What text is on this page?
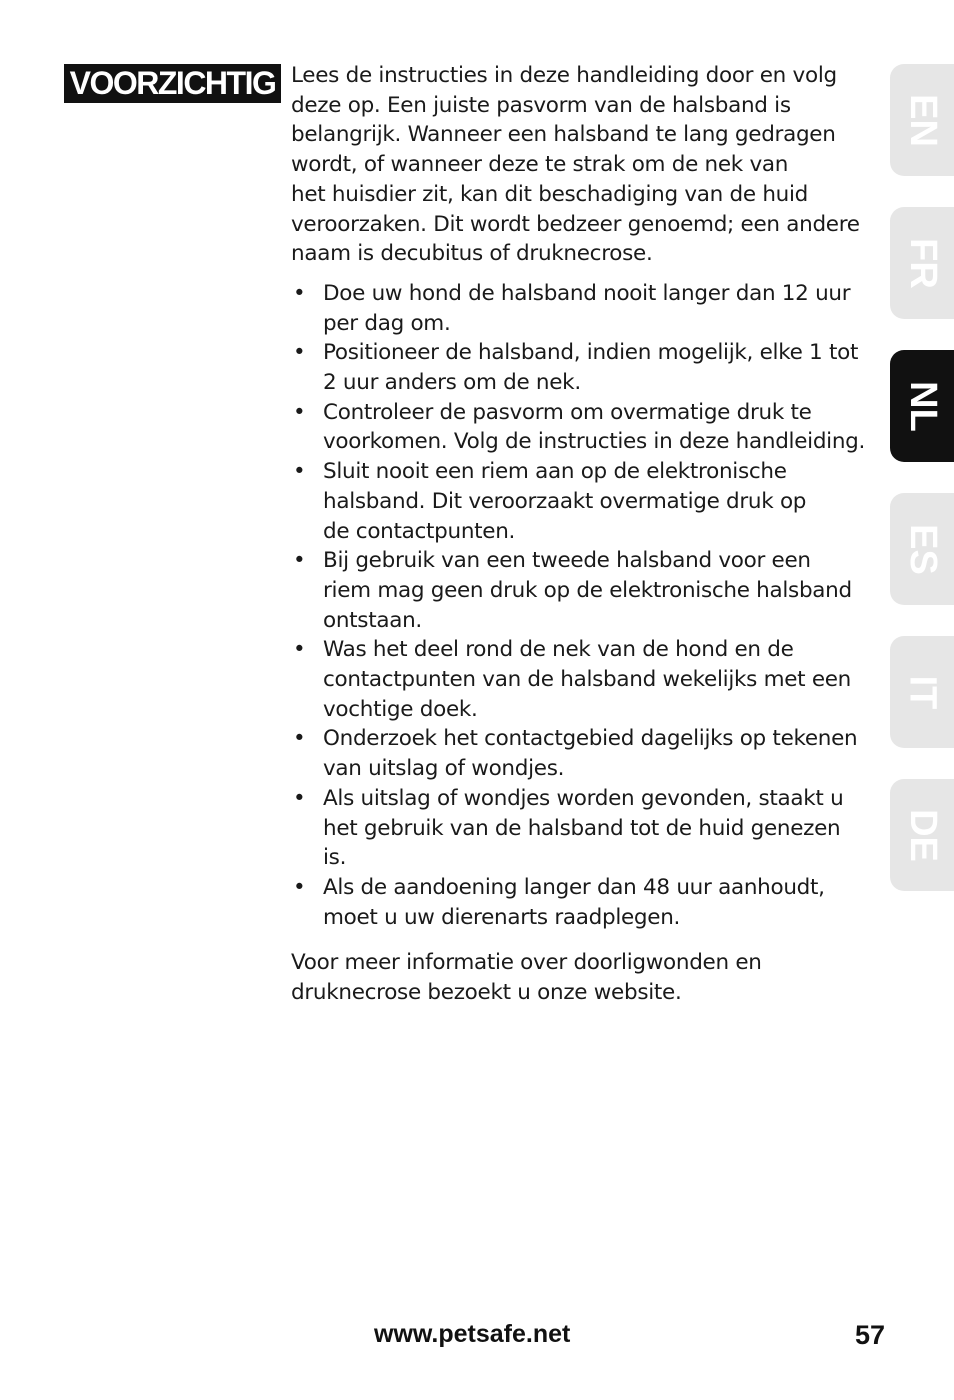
VOORZICHTIG Lees de instructies in deze handleiding door en volg
deze op. Een juiste pasvorm van de halsband is
belangrijk. Wanneer een halsband te lang gedragen
wordt, of wanneer deze te strak om de nek van
het huisdier zit, kan dit beschadiging van de huid
veroorzaken. Dit wordt bedzeer genoemd; een andere
naam is decubitus of druknecrose.

• Doe uw hond de halsband nooit langer dan 12 uur
per dag om.
• Positioneer de halsband, indien mogelijk, elke 1 tot
2 uur anders om de nek.
• Controleer de pasvorm om overmatige druk te
voorkomen. Volg de instructies in deze handleiding.
• Sluit nooit een riem aan op de elektronische
halsband. Dit veroorzaakt overmatige druk op
de contactpunten.
• Bij gebruik van een tweede halsband voor een
riem mag geen druk op de elektronische halsband
ontstaan.
• Was het deel rond de nek van de hond en de
contactpunten van de halsband wekelijks met een
vochtige doek.
• Onderzoek het contactgebied dagelijks op tekenen
van uitslag of wondjes.
• Als uitslag of wondjes worden gevonden, staakt u
het gebruik van de halsband tot de huid genezen is.
• Als de aandoening langer dan 48 uur aanhoudt,
moet u uw dierenarts raadplegen.

Voor meer informatie over doorligwonden en
druknecrose bezoekt u onze website.

EN
FR
NL
ES
IT
DE
www.petsafe.net	57
